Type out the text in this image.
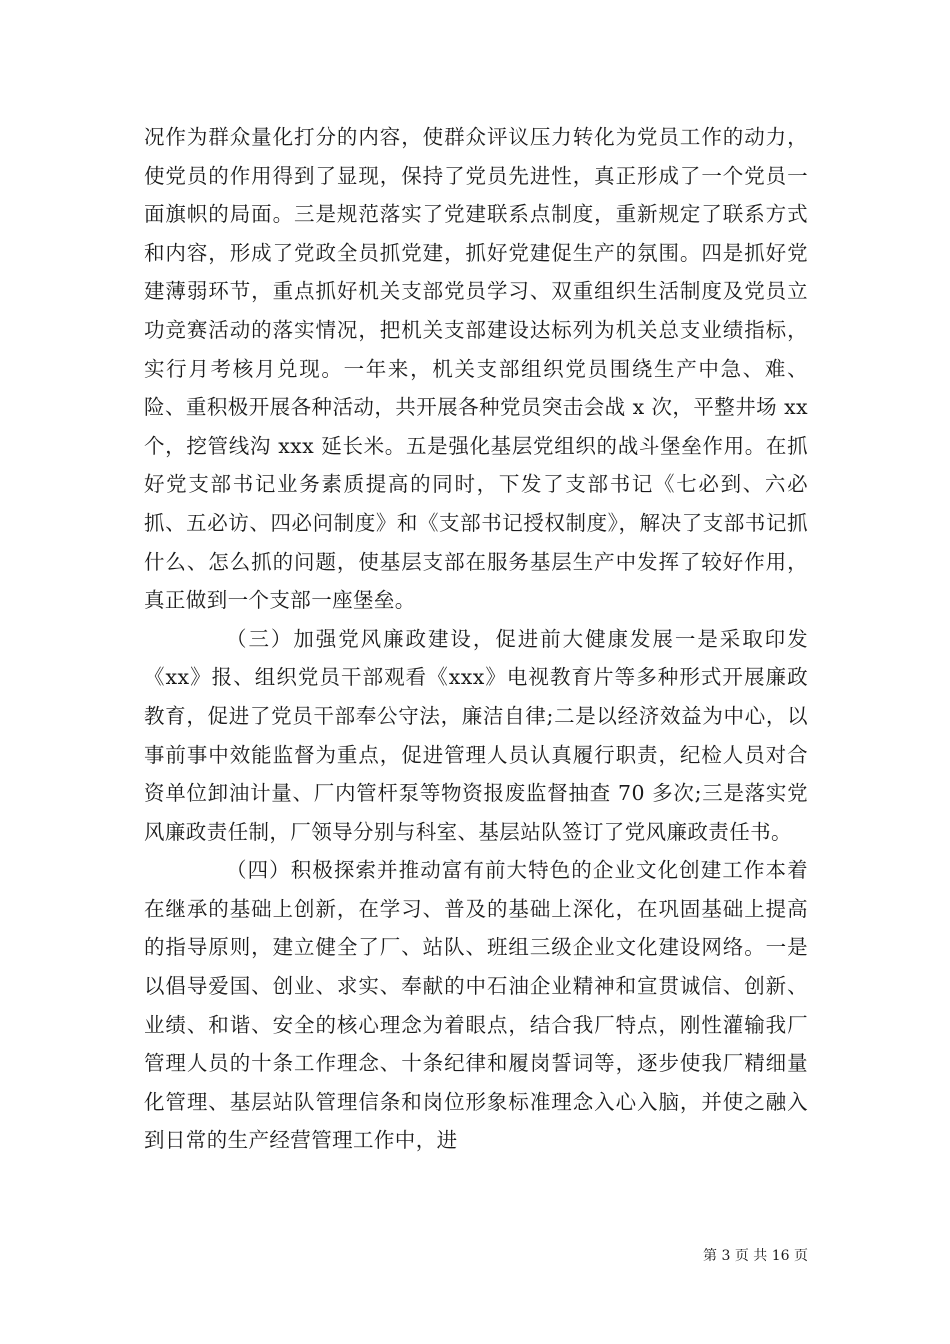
况作为群众量化打分的内容，使群众评议压力转化为党员工作的动力，使党员的作用得到了显现，保持了党员先进性，真正形成了一个党员一面旗帜的局面。三是规范落实了党建联系点制度，重新规定了联系方式和内容，形成了党政全员抓党建，抓好党建促生产的氛围。四是抓好党建薄弱环节，重点抓好机关支部党员学习、双重组织生活制度及党员立功竞赛活动的落实情况，把机关支部建设达标列为机关总支业绩指标，实行月考核月兑现。一年来，机关支部组织党员围绕生产中急、难、险、重积极开展各种活动，共开展各种党员突击会战 x 次，平整井场 xx 个，挖管线沟 xxx 延长米。五是强化基层党组织的战斗堡垒作用。在抓好党支部书记业务素质提高的同时，下发了支部书记《七必到、六必抓、五必访、四必问制度》和《支部书记授权制度》，解决了支部书记抓什么、怎么抓的问题，使基层支部在服务基层生产中发挥了较好作用，真正做到一个支部一座堡垒。

（三）加强党风廉政建设，促进前大健康发展一是采取印发《xx》报、组织党员干部观看《xxx》电视教育片等多种形式开展廉政教育，促进了党员干部奉公守法，廉洁自律;二是以经济效益为中心，以事前事中效能监督为重点，促进管理人员认真履行职责，纪检人员对合资单位卸油计量、厂内管杆泵等物资报废监督抽查 70 多次;三是落实党风廉政责任制，厂领导分别与科室、基层站队签订了党风廉政责任书。

（四）积极探索并推动富有前大特色的企业文化创建工作本着在继承的基础上创新，在学习、普及的基础上深化，在巩固基础上提高的指导原则，建立健全了厂、站队、班组三级企业文化建设网络。一是以倡导爱国、创业、求实、奉献的中石油企业精神和宣贯诚信、创新、业绩、和谐、安全的核心理念为着眼点，结合我厂特点，刚性灌输我厂管理人员的十条工作理念、十条纪律和履岗誓词等，逐步使我厂精细量化管理、基层站队管理信条和岗位形象标准理念入心入脑，并使之融入到日常的生产经营管理工作中，进

第 3 页 共 16 页
